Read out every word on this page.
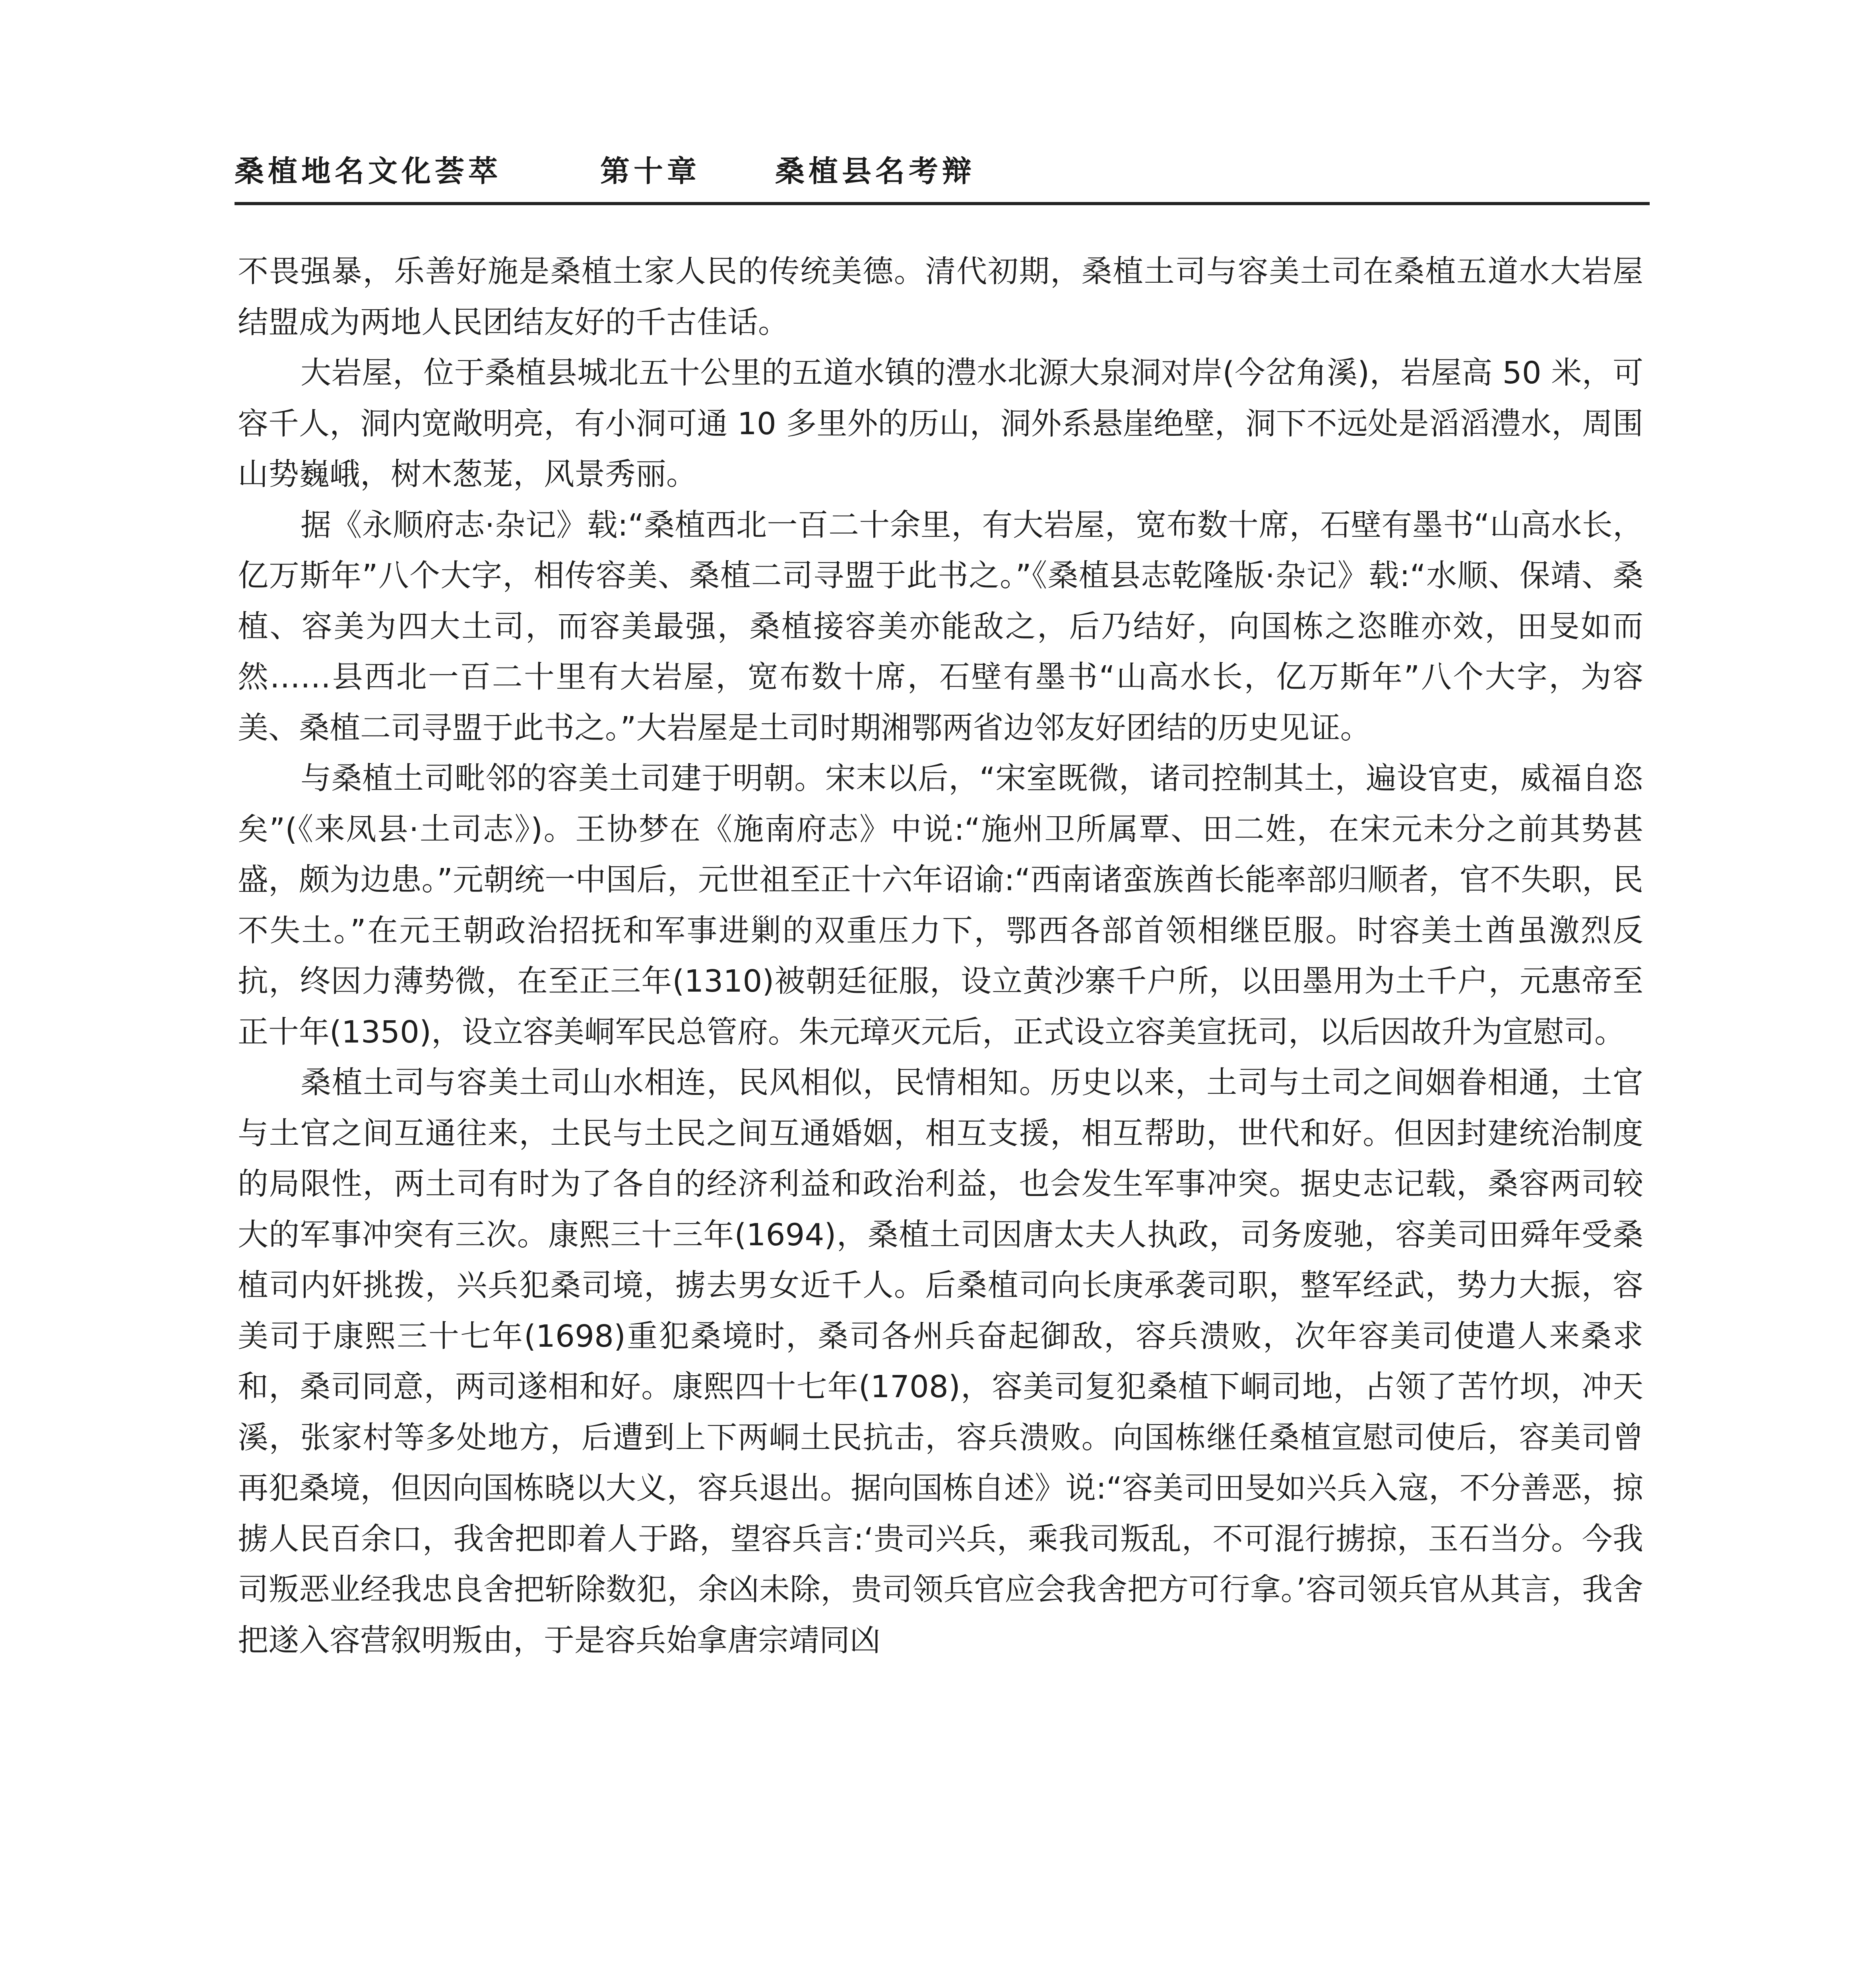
桑植地名文化荟萃	第十章	桑植县名考辩

不畏强暴，乐善好施是桑植土家人民的传统美德。清代初期，桑植土司与容美土司在桑植五道水大岩屋结盟成为两地人民团结友好的千古佳话。

大岩屋，位于桑植县城北五十公里的五道水镇的澧水北源大泉洞对岸(今岔角溪)，岩屋高 50 米，可容千人，洞内宽敞明亮，有小洞可通 10 多里外的历山，洞外系悬崖绝壁，洞下不远处是滔滔澧水，周围山势巍峨，树木葱茏，风景秀丽。

据《永顺府志·杂记》载:“桑植西北一百二十余里，有大岩屋，宽布数十席，石壁有墨书“山高水长，亿万斯年”八个大字，相传容美、桑植二司寻盟于此书之。”《桑植县志乾隆版·杂记》载:“水顺、保靖、桑植、容美为四大土司，而容美最强，桑植接容美亦能敌之，后乃结好，向国栋之恣睢亦效，田旻如而然……县西北一百二十里有大岩屋，宽布数十席，石壁有墨书“山高水长，亿万斯年”八个大字，为容美、桑植二司寻盟于此书之。”大岩屋是土司时期湘鄂两省边邻友好团结的历史见证。

与桑植土司毗邻的容美土司建于明朝。宋末以后，“宋室既微，诸司控制其土，遍设官吏，威福自恣矣”(《来凤县·土司志》)。王协梦在《施南府志》中说:“施州卫所属覃、田二姓，在宋元未分之前其势甚盛，颇为边患。”元朝统一中国后，元世祖至正十六年诏谕:“西南诸蛮族酋长能率部归顺者，官不失职，民不失土。”在元王朝政治招抚和军事进剿的双重压力下，鄂西各部首领相继臣服。时容美土酋虽激烈反抗，终因力薄势微，在至正三年(1310)被朝廷征服，设立黄沙寨千户所，以田墨用为土千户，元惠帝至正十年(1350)，设立容美峒军民总管府。朱元璋灭元后，正式设立容美宣抚司，以后因故升为宣慰司。

桑植土司与容美土司山水相连，民风相似，民情相知。历史以来，土司与土司之间姻眷相通，土官与土官之间互通往来，土民与土民之间互通婚姻，相互支援，相互帮助，世代和好。但因封建统治制度的局限性，两土司有时为了各自的经济利益和政治利益，也会发生军事冲突。据史志记载，桑容两司较大的军事冲突有三次。康熙三十三年(1694)，桑植土司因唐太夫人执政，司务废驰，容美司田舜年受桑植司内奸挑拨，兴兵犯桑司境，掳去男女近千人。后桑植司向长庚承袭司职，整军经武，势力大振，容美司于康熙三十七年(1698)重犯桑境时，桑司各州兵奋起御敌，容兵溃败，次年容美司使遣人来桑求和，桑司同意，两司遂相和好。康熙四十七年(1708)，容美司复犯桑植下峒司地，占领了苦竹坝，冲天溪，张家村等多处地方，后遭到上下两峒土民抗击，容兵溃败。向国栋继任桑植宣慰司使后，容美司曾再犯桑境，但因向国栋晓以大义，容兵退出。据向国栋自述》说:“容美司田旻如兴兵入寇，不分善恶，掠掳人民百余口，我舍把即着人于路，望容兵言:‘贵司兴兵，乘我司叛乱，不可混行掳掠，玉石当分。今我司叛恶业经我忠良舍把斩除数犯，余凶未除，贵司领兵官应会我舍把方可行拿。’容司领兵官从其言，我舍把遂入容营叙明叛由，于是容兵始拿唐宗靖同凶
